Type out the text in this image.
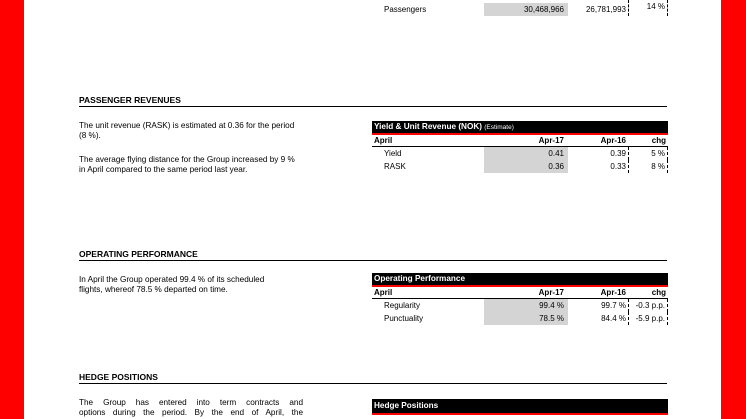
Passengers	30,468,966	26,781,993	14 %
PASSENGER REVENUES
The unit revenue (RASK) is estimated at 0.36 for the period
(8 %).
The average flying distance for the Group increased by 9 %
in April compared to the same period last year.
Yield & Unit Revenue (NOK) (Estimate)
April	Apr-17	Apr-16	chg
Yield	0.41	0.39	5 %
RASK	0.36	0.33	8 %
OPERATING PERFORMANCE
In April the Group operated 99.4 % of its scheduled
flights, whereof 78.5 % departed on time.
Operating Performance
April	Apr-17	Apr-16	chg
Regularity	99.4 %	99.7 %	-0.3 p.p.
Punctuality	78.5 %	84.4 %	-5.9 p.p.
HEDGE POSITIONS
The Group has entered into term contracts and
options during the period. By the end of April, the
Hedge Positions
